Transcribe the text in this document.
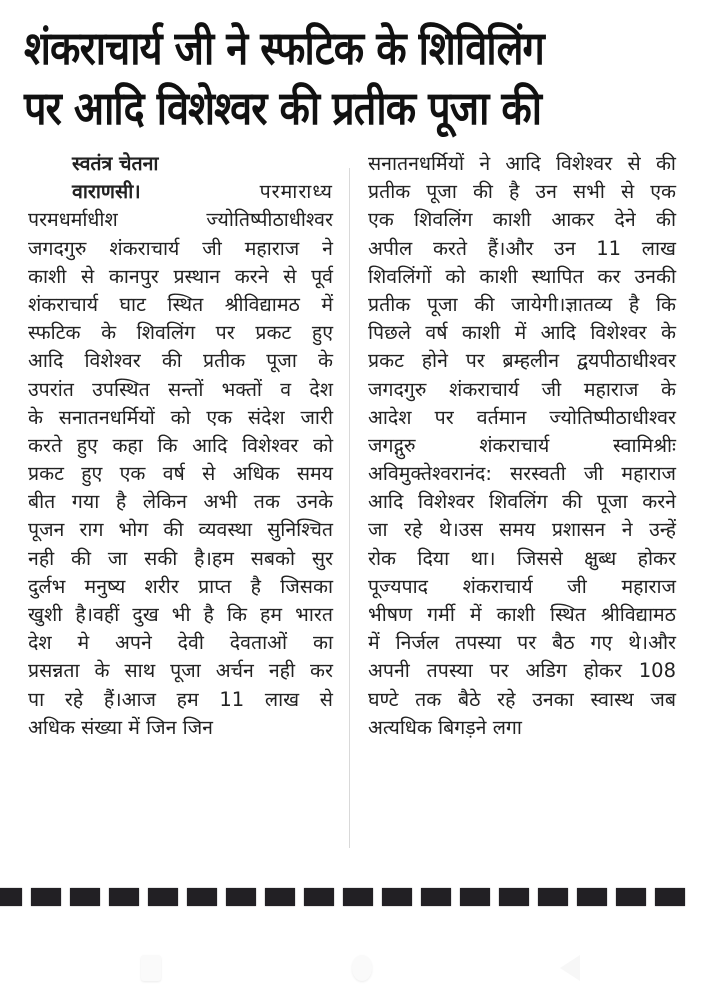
शंकराचार्य जी ने स्फटिक के शिविलिंग
पर आदि विशेश्वर की प्रतीक पूजा की
स्वतंत्र चेतना
वाराणसी।	परमाराध्य
परमधर्माधीश ज्योतिष्पीठाधीश्वर
जगदगुरु शंकराचार्य जी महाराज ने
काशी से कानपुर प्रस्थान करने से पूर्व
शंकराचार्य घाट स्थित श्रीविद्यामठ में
स्फटिक के शिवलिंग पर प्रकट हुए
आदि विशेश्वर की प्रतीक पूजा के
उपरांत उपस्थित सन्तों भक्तों व देश
के सनातनधर्मियों को एक संदेश जारी
करते हुए कहा कि आदि विशेश्वर को
प्रकट हुए एक वर्ष से अधिक समय
बीत गया है लेकिन अभी तक उनके
पूजन राग भोग की व्यवस्था सुनिश्चित
नही की जा सकी है।हम सबको सुर
दुर्लभ मनुष्य शरीर प्राप्त है जिसका
खुशी है।वहीं दुख भी है कि हम भारत
देश मे अपने देवी देवताओं का
प्रसन्नता के साथ पूजा अर्चन नही कर
पा रहे हैं।आज हम 11 लाख से
अधिक संख्या में जिन जिन
सनातनधर्मियों ने आदि विशेश्वर से की
प्रतीक पूजा की है उन सभी से एक
एक शिवलिंग काशी आकर देने की
अपील करते हैं।और उन 11 लाख
शिवलिंगों को काशी स्थापित कर उनकी
प्रतीक पूजा की जायेगी।ज्ञातव्य है कि
पिछले वर्ष काशी में आदि विशेश्वर के
प्रकट होने पर ब्रम्हलीन द्वयपीठाधीश्वर
जगदगुरु शंकराचार्य जी महाराज के
आदेश पर वर्तमान ज्योतिष्पीठाधीश्वर
जगद्गुरु शंकराचार्य स्वामिश्रीः
अविमुक्तेश्वरानंद: सरस्वती जी महाराज
आदि विशेश्वर शिवलिंग की पूजा करने
जा रहे थे।उस समय प्रशासन ने उन्हें
रोक दिया था। जिससे क्षुब्ध होकर
पूज्यपाद शंकराचार्य जी महाराज
भीषण गर्मी में काशी स्थित श्रीविद्यामठ
में निर्जल तपस्या पर बैठ गए थे।और
अपनी तपस्या पर अडिग होकर 108
घण्टे तक बैठे रहे उनका स्वास्थ जब
अत्यधिक बिगड़ने लगा
